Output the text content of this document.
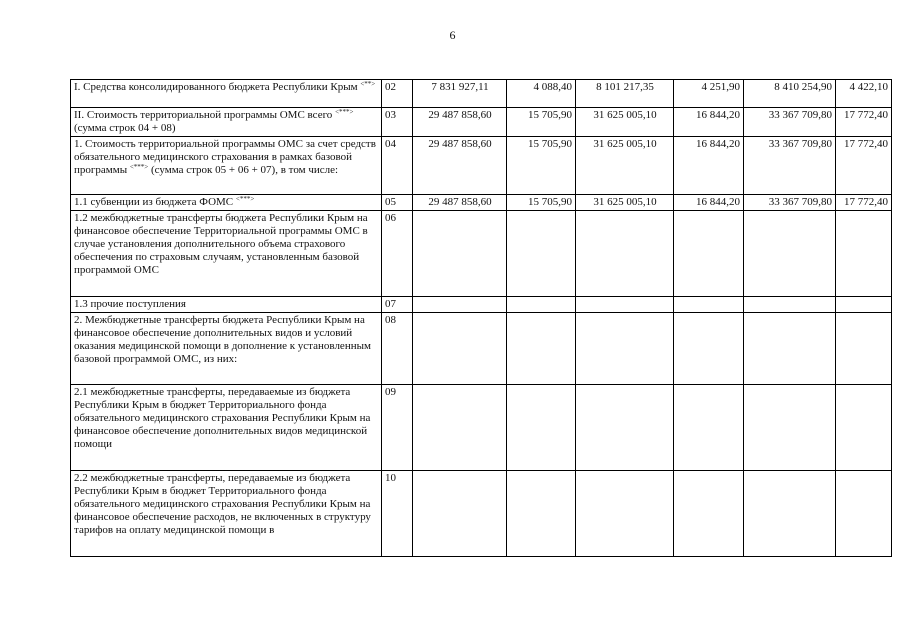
6
I. Средства консолидированного бюджета Республики Крым <**>	02	7 831 927,11	4 088,40	8 101 217,35	4 251,90	8 410 254,90	4 422,10
II. Стоимость территориальной программы ОМС всего <***> (сумма строк 04 + 08)	03	29 487 858,60	15 705,90	31 625 005,10	16 844,20	33 367 709,80	17 772,40
1. Стоимость территориальной программы ОМС за счет средств обязательного медицинского страхования в рамках базовой программы <***> (сумма строк 05 + 06 + 07), в том числе:	04	29 487 858,60	15 705,90	31 625 005,10	16 844,20	33 367 709,80	17 772,40
1.1 субвенции из бюджета ФОМС <***>	05	29 487 858,60	15 705,90	31 625 005,10	16 844,20	33 367 709,80	17 772,40
1.2 межбюджетные трансферты бюджета Республики Крым на финансовое обеспечение Территориальной программы ОМС в случае установления дополнительного объема страхового обеспечения по страховым случаям, установленным базовой программой ОМС	06						
1.3 прочие поступления	07						
2. Межбюджетные трансферты бюджета Республики Крым на финансовое обеспечение дополнительных видов и условий оказания медицинской помощи в дополнение к установленным базовой программой ОМС, из них:	08						
2.1 межбюджетные трансферты, передаваемые из бюджета Республики Крым в бюджет Территориального фонда обязательного медицинского страхования Республики Крым на финансовое обеспечение дополнительных видов медицинской помощи	09						
2.2 межбюджетные трансферты, передаваемые из бюджета Республики Крым в бюджет Территориального фонда обязательного медицинского страхования Республики Крым на финансовое обеспечение расходов, не включенных в структуру тарифов на оплату медицинской помощи в	10						
